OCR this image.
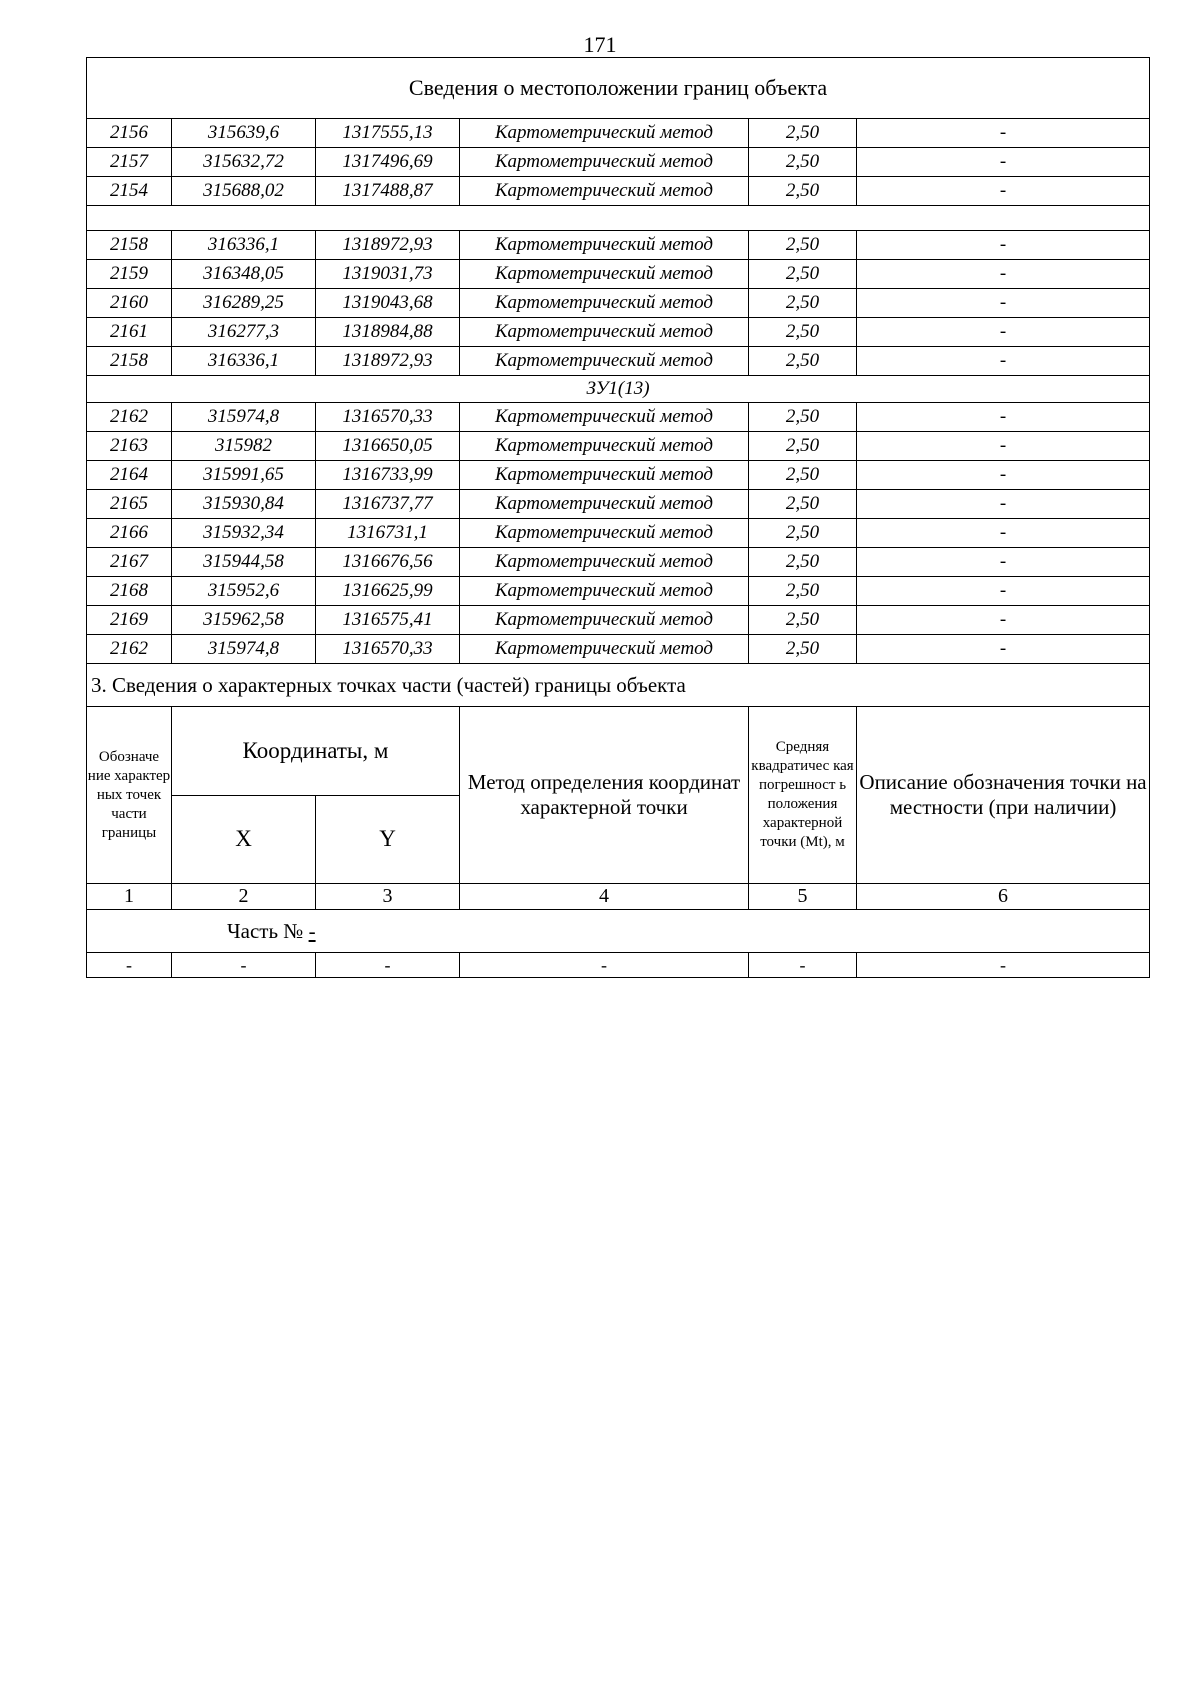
171
Сведения о местоположении границ объекта					
2156	315639,6	1317555,13	Картометрический метод	2,50	-
2157	315632,72	1317496,69	Картометрический метод	2,50	-
2154	315688,02	1317488,87	Картометрический метод	2,50	-

2158	316336,1	1318972,93	Картометрический метод	2,50	-
2159	316348,05	1319031,73	Картометрический метод	2,50	-
2160	316289,25	1319043,68	Картометрический метод	2,50	-
2161	316277,3	1318984,88	Картометрический метод	2,50	-
2158	316336,1	1318972,93	Картометрический метод	2,50	-
ЗУ1(13)					
2162	315974,8	1316570,33	Картометрический метод	2,50	-
2163	315982	1316650,05	Картометрический метод	2,50	-
2164	315991,65	1316733,99	Картометрический метод	2,50	-
2165	315930,84	1316737,77	Картометрический метод	2,50	-
2166	315932,34	1316731,1	Картометрический метод	2,50	-
2167	315944,58	1316676,56	Картометрический метод	2,50	-
2168	315952,6	1316625,99	Картометрический метод	2,50	-
2169	315962,58	1316575,41	Картометрический метод	2,50	-
2162	315974,8	1316570,33	Картометрический метод	2,50	-
3. Сведения о характерных точках части (частей) границы объекта					
Обозначе ние характер ных точек части границы	Координаты, м		Метод определения координат характерной точки	Средняя квадратичес кая погрешност ь положения характерной точки (Mt), м	Описание обозначения точки на местности (при наличии)
	X	Y			
1	2	3	4	5	6
Часть № -					
-	-	-	-	-	-
